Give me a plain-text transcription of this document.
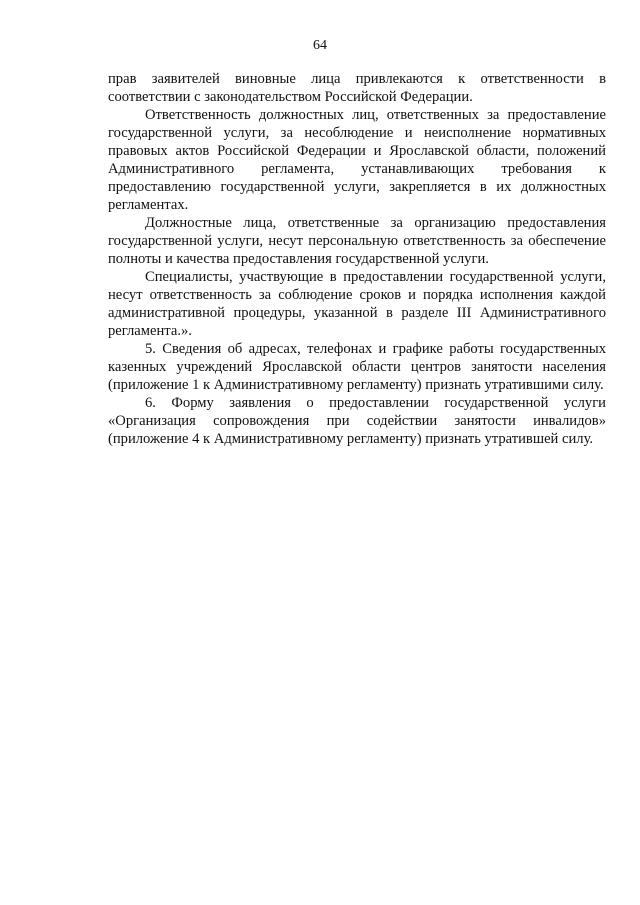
64

прав заявителей виновные лица привлекаются к ответственности в соответствии с законодательством Российской Федерации.

Ответственность должностных лиц, ответственных за предоставление государственной услуги, за несоблюдение и неисполнение нормативных правовых актов Российской Федерации и Ярославской области, положений Административного регламента, устанавливающих требования к предоставлению государственной услуги, закрепляется в их должностных регламентах.

Должностные лица, ответственные за организацию предоставления государственной услуги, несут персональную ответственность за обеспечение полноты и качества предоставления государственной услуги.

Специалисты, участвующие в предоставлении государственной услуги, несут ответственность за соблюдение сроков и порядка исполнения каждой административной процедуры, указанной в разделе III Административного регламента.».

5. Сведения об адресах, телефонах и графике работы государственных казенных учреждений Ярославской области центров занятости населения (приложение 1 к Административному регламенту) признать утратившими силу.

6. Форму заявления о предоставлении государственной услуги «Организация сопровождения при содействии занятости инвалидов» (приложение 4 к Административному регламенту) признать утратившей силу.
